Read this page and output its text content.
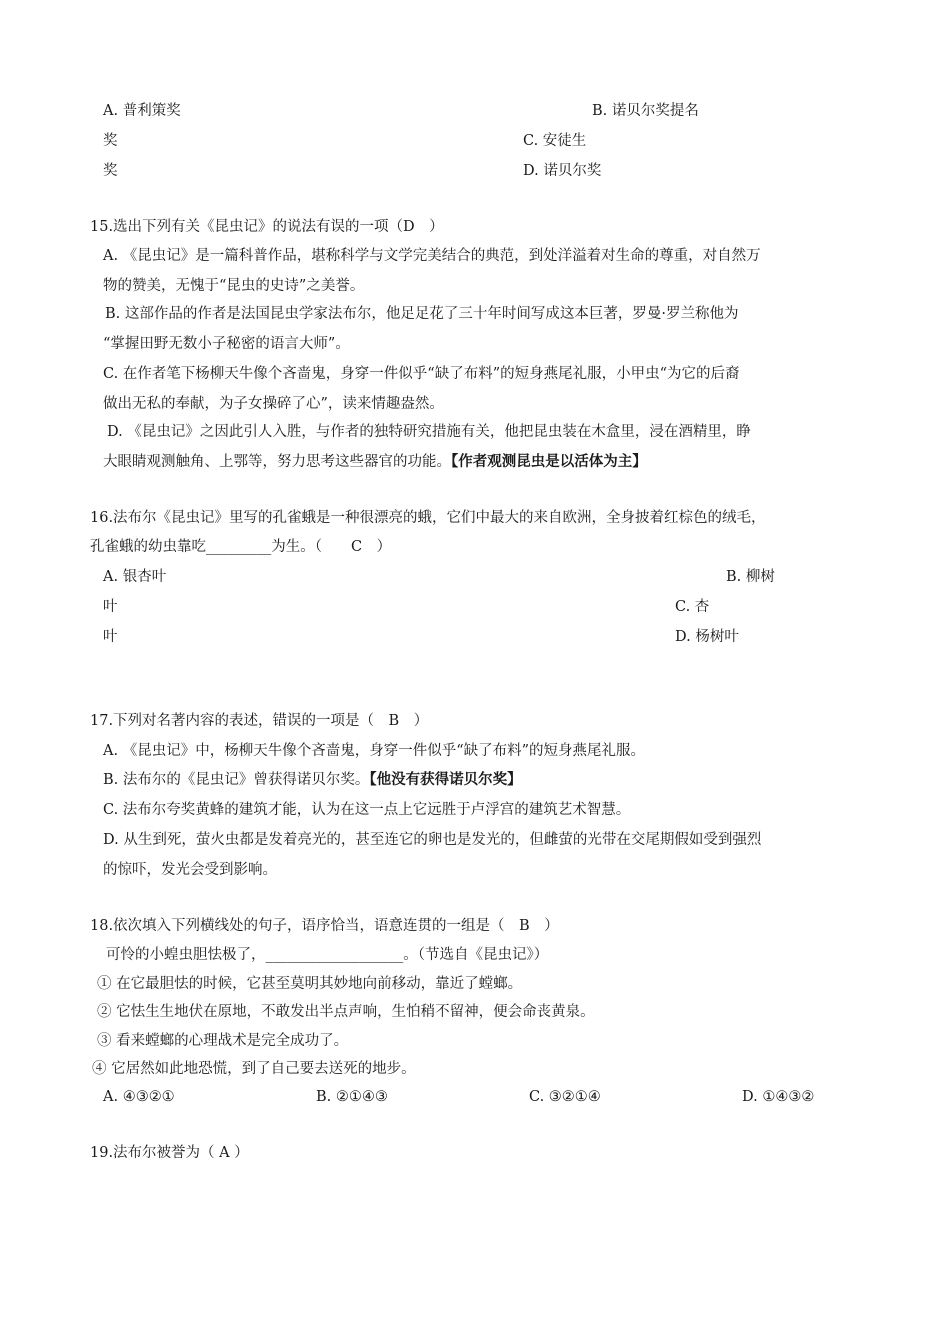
A. 普利策奖	B. 诺贝尔奖提名
奖	C. 安徒生
奖	D. 诺贝尔奖
15.选出下列有关《昆虫记》的说法有误的一项（D　）
A. 《昆虫记》是一篇科普作品，堪称科学与文学完美结合的典范，到处洋溢着对生命的尊重，对自然万
物的赞美，无愧于“昆虫的史诗”之美誉。
B. 这部作品的作者是法国昆虫学家法布尔，他足足花了三十年时间写成这本巨著，罗曼·罗兰称他为
“掌握田野无数小子秘密的语言大师”。
C. 在作者笔下杨柳天牛像个吝啬鬼，身穿一件似乎“缺了布料”的短身燕尾礼服，小甲虫“为它的后裔
做出无私的奉献，为子女操碎了心”，读来情趣盎然。
D. 《昆虫记》之因此引人入胜，与作者的独特研究措施有关，他把昆虫装在木盒里，浸在酒精里，睁
大眼睛观测触角、上鄂等，努力思考这些器官的功能。【作者观测昆虫是以活体为主】
16.法布尔《昆虫记》里写的孔雀蛾是一种很漂亮的蛾，它们中最大的来自欧洲，全身披着红棕色的绒毛，
孔雀蛾的幼虫靠吃_________为生。（　　C　）
A. 银杏叶	B. 柳树
叶	C. 杏
叶	D. 杨树叶
17.下列对名著内容的表述，错误的一项是（　B　）
A. 《昆虫记》中，杨柳天牛像个吝啬鬼，身穿一件似乎“缺了布料”的短身燕尾礼服。
B. 法布尔的《昆虫记》曾获得诺贝尔奖。【他没有获得诺贝尔奖】
C. 法布尔夸奖黄蜂的建筑才能，认为在这一点上它远胜于卢浮宫的建筑艺术智慧。
D. 从生到死，萤火虫都是发着亮光的，甚至连它的卵也是发光的，但雌萤的光带在交尾期假如受到强烈
的惊吓，发光会受到影响。
18.依次填入下列横线处的句子，语序恰当，语意连贯的一组是（　B　）
可怜的小蝗虫胆怯极了，___________________。（节选自《昆虫记》）
① 在它最胆怯的时候，它甚至莫明其妙地向前移动，靠近了螳螂。
② 它怯生生地伏在原地，不敢发出半点声响，生怕稍不留神，便会命丧黄泉。
③ 看来螳螂的心理战术是完全成功了。
④ 它居然如此地恐慌，到了自己要去送死的地步。
A. ④③②①	B. ②①④③	C. ③②①④	D. ①④③②
19.法布尔被誉为（ A ）
